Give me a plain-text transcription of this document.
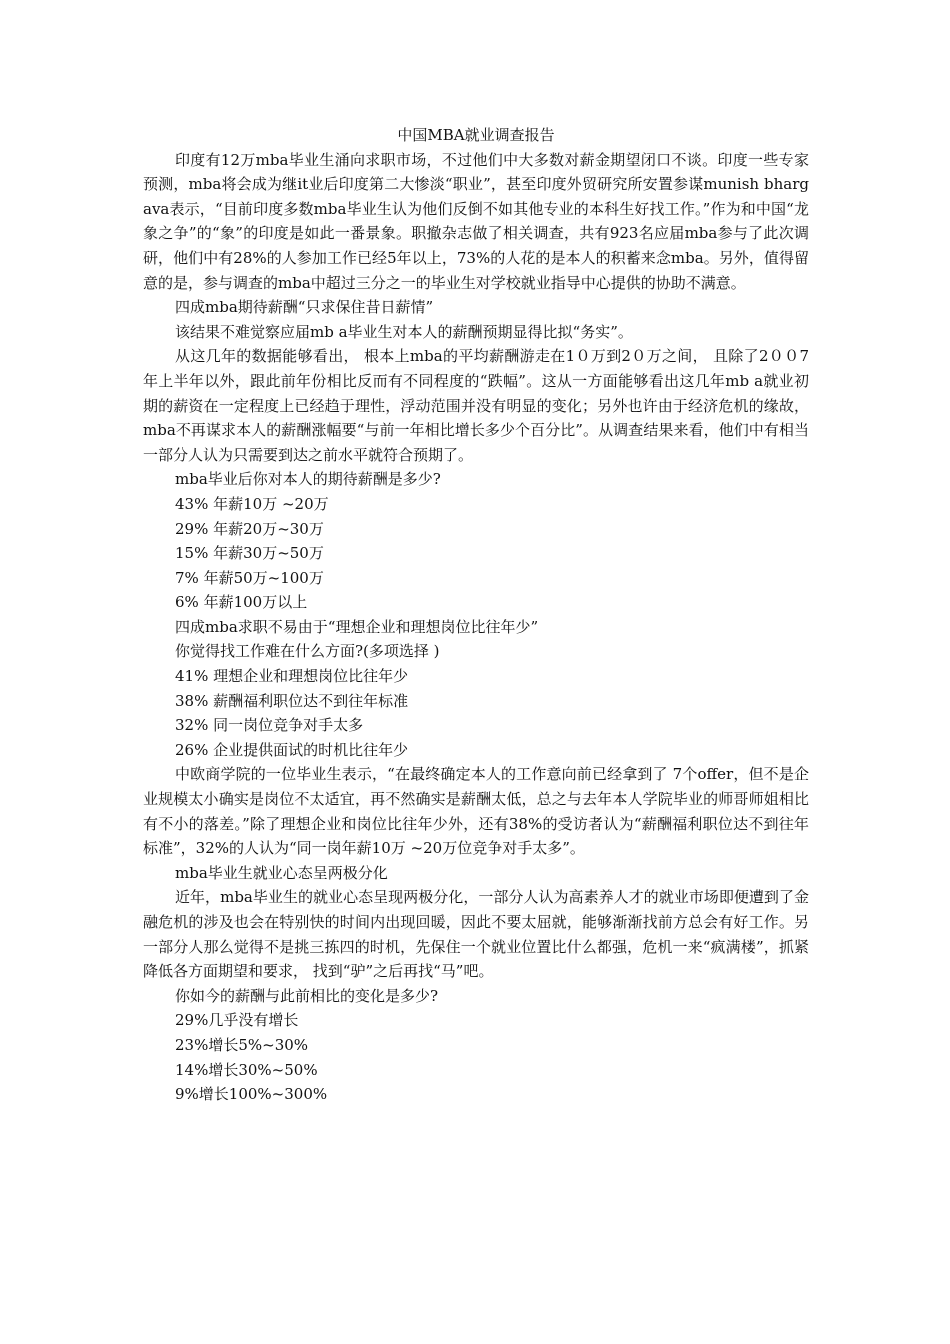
中国MBA就业调查报告

印度有12万mba毕业生涌向求职市场，不过他们中大多数对薪金期望闭口不谈。印度一些专家预测，mba将会成为继it业后印度第二大惨淡“职业”，甚至印度外贸研究所安置参谋munish bhargava表示，“目前印度多数mba毕业生认为他们反倒不如其他专业的本科生好找工作。”作为和中国“龙象之争”的“象”的印度是如此一番景象。职撤杂志做了相关调查，共有923名应届mba参与了此次调研，他们中有28%的人参加工作已经5年以上，73%的人花的是本人的积蓄来念mba。另外，值得留意的是，参与调查的mba中超过三分之一的毕业生对学校就业指导中心提供的协助不满意。

四成mba期待薪酬“只求保住昔日薪情”

该结果不难觉察应届mb a毕业生对本人的薪酬预期显得比拟“务实”。

从这几年的数据能够看出， 根本上mba的平均薪酬游走在1０万到2０万之间， 且除了2００7年上半年以外，跟此前年份相比反而有不同程度的“跌幅”。这从一方面能够看出这几年mb a就业初期的薪资在一定程度上已经趋于理性，浮动范围并没有明显的变化；另外也许由于经济危机的缘故，mba不再谋求本人的薪酬涨幅要“与前一年相比增长多少个百分比”。从调查结果来看，他们中有相当一部分人认为只需要到达之前水平就符合预期了。

mba毕业后你对本人的期待薪酬是多少?

43% 年薪10万 ~20万

29% 年薪20万~30万

15% 年薪30万~50万

7% 年薪50万~100万

6% 年薪100万以上

四成mba求职不易由于“理想企业和理想岗位比往年少”

你觉得找工作难在什么方面?(多项选择 )

41% 理想企业和理想岗位比往年少

38% 薪酬福利职位达不到往年标准

32% 同一岗位竞争对手太多

26% 企业提供面试的时机比往年少

中欧商学院的一位毕业生表示，“在最终确定本人的工作意向前已经拿到了 7个offer，但不是企业规模太小确实是岗位不太适宜，再不然确实是薪酬太低，总之与去年本人学院毕业的师哥师姐相比有不小的落差。”除了理想企业和岗位比往年少外，还有38%的受访者认为“薪酬福利职位达不到往年标准”，32%的人认为“同一岗年薪10万 ~20万位竞争对手太多”。

mba毕业生就业心态呈两极分化

近年，mba毕业生的就业心态呈现两极分化，一部分人认为高素养人才的就业市场即便遭到了金融危机的涉及也会在特别快的时间内出现回暖，因此不要太屈就，能够渐渐找前方总会有好工作。另一部分人那么觉得不是挑三拣四的时机，先保住一个就业位置比什么都强，危机一来“疯满楼”，抓紧降低各方面期望和要求， 找到“驴”之后再找“马”吧。

你如今的薪酬与此前相比的变化是多少?

29%几乎没有增长

23%增长5%~30%

14%增长30%~50%

9%增长100%~300%
